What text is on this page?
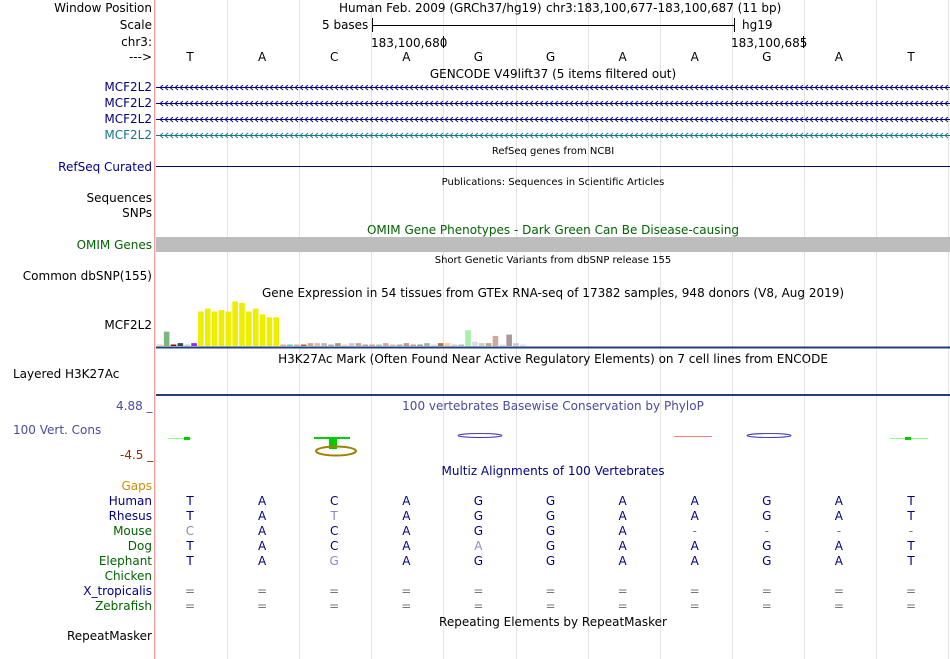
Window Position
Scale
chr3:
--->
Human Feb. 2009 (GRCh37/hg19) chr3:183,100,677-183,100,687 (11 bp)
5 bases	hg19
183,100,680	183,100,685
T	A	C	A	G	G	A	A	G	A	T
GENCODE V49lift37 (5 items filtered out)
MCF2L2
MCF2L2
MCF2L2
MCF2L2
RefSeq genes from NCBI
RefSeq Curated
Publications: Sequences in Scientific Articles
Sequences
SNPs
OMIM Gene Phenotypes - Dark Green Can Be Disease-causing
OMIM Genes
Short Genetic Variants from dbSNP release 155
Common dbSNP(155)
Gene Expression in 54 tissues from GTEx RNA-seq of 17382 samples, 948 donors (V8, Aug 2019)
MCF2L2
H3K27Ac Mark (Often Found Near Active Regulatory Elements) on 7 cell lines from ENCODE
Layered H3K27Ac
4.88 _	100 vertebrates Basewise Conservation by PhyloP
100 Vert. Cons
-4.5 _
Multiz Alignments of 100 Vertebrates
Gaps
Human	T	A	C	A	G	G	A	A	G	A	T
Rhesus	T	A	T	A	G	G	A	A	G	A	T
Mouse	C	A	C	A	G	G	A	-	-	-	-
Dog	T	A	C	A	A	G	A	A	G	A	T
Elephant	T	A	G	A	G	G	A	A	G	A	T
Chicken
X_tropicalis	=	=	=	=	=	=	=	=	=	=	=
Zebrafish	=	=	=	=	=	=	=	=	=	=	=
Repeating Elements by RepeatMasker
RepeatMasker
